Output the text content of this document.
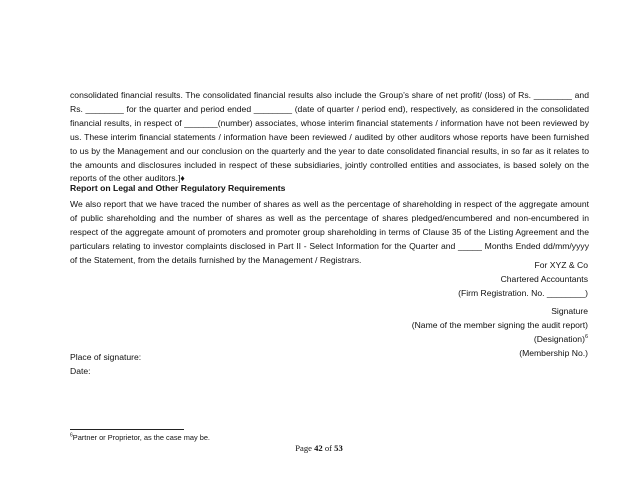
consolidated financial results. The consolidated financial results also include the Group’s share of net profit/ (loss) of Rs. ________ and Rs. ________ for the quarter and period ended ________ (date of quarter / period end), respectively, as considered in the consolidated financial results, in respect of _______(number) associates, whose interim financial statements / information have not been reviewed by us. These interim financial statements / information have been reviewed / audited by other auditors whose reports have been furnished to us by the Management and our conclusion on the quarterly and the year to date consolidated financial results, in so far as it relates to the amounts and disclosures included in respect of these subsidiaries, jointly controlled entities and associates, is based solely on the reports of the other auditors.]♦
Report on Legal and Other Regulatory Requirements
We also report that we have traced the number of shares as well as the percentage of shareholding in respect of the aggregate amount of public shareholding and the number of shares as well as the percentage of shares pledged/encumbered and non-encumbered in respect of the aggregate amount of promoters and promoter group shareholding in terms of Clause 35 of the Listing Agreement and the particulars relating to investor complaints disclosed in Part II - Select Information for the Quarter and _____ Months Ended dd/mm/yyyy of the Statement, from the details furnished by the Management / Registrars.
For XYZ & Co
Chartered Accountants
(Firm Registration. No. ________)
Signature
(Name of the member signing the audit report)
(Designation)$^6$
(Membership No.)
Place of signature:
Date:
$^6$Partner or Proprietor, as the case may be.
Page 42 of 53
